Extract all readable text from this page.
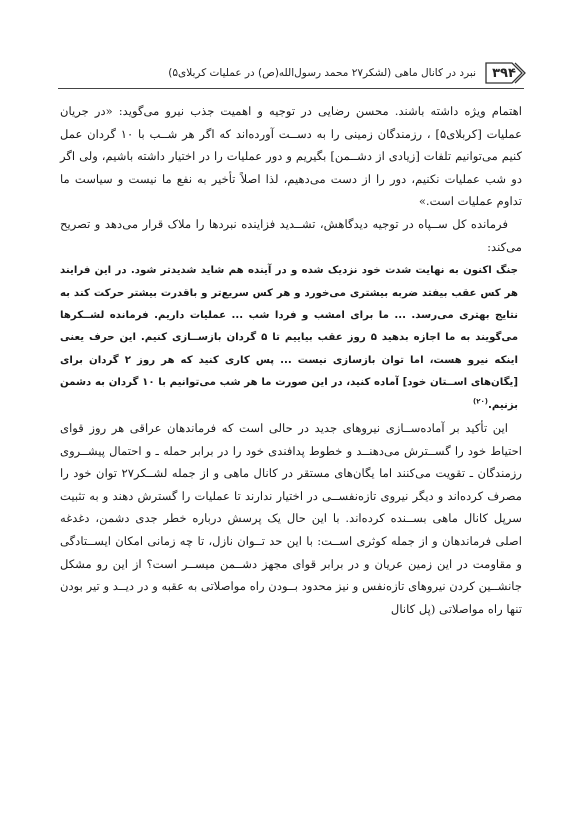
۳۹۴
نبرد در کانال ماهی (لشکر۲۷ محمد رسول‌الله(ص) در عملیات کربلای۵)

اهتمام ویژه داشته باشند. محسن رضایی در توجیه و اهمیت جذب نیرو می‌گوید: «در جریان عملیات [کربلای۵] ، رزمندگان زمینی را به دســت آورده‌اند که اگر هر شــب با ۱۰ گردان عمل کنیم می‌توانیم تلفات [زیادی از دشــمن] بگیریم و دور عملیات را در اختیار داشته باشیم، ولی اگر دو شب عملیات نکنیم، دور را از دست می‌دهیم، لذا اصلاً تأخیر به نفع ما نیست و سیاست ما تداوم عملیات است.»

فرمانده کل ســپاه در توجیه دیدگاهش، تشــدید فزاینده نبردها را ملاک قرار می‌دهد و تصریح می‌کند:

جنگ اکنون به نهایت شدت خود نزدیک شده و در آینده هم شاید شدیدتر شود. در این فرایند هر کس عقب بیفتد ضربه بیشتری می‌خورد و هر کس سریع‌تر و باقدرت بیشتر حرکت کند به نتایج بهتری می‌رسد. ... ما برای امشب و فردا شب ... عملیات داریم. فرمانده لشــکرها می‌گویند به ما اجازه بدهید ۵ روز عقب بیاییم تا ۵ گردان بازســازی کنیم. این حرف یعنی اینکه نیرو هست، اما توان بازسازی نیست ... پس کاری کنید که هر روز ۲ گردان برای [یگان‌های اســتان خود] آماده کنید، در این صورت ما هر شب می‌توانیم با ۱۰ گردان به دشمن بزنیم.$^{(۲۰)}$

این تأکید بر آماده‌ســازی نیروهای جدید در حالی است که فرماندهان عراقی هر روز قوای احتیاط خود را گســترش می‌دهنــد و خطوط پدافندی خود را در برابر حمله ـ و احتمال پیشــروی رزمندگان ـ تقویت می‌کنند اما یگان‌های مستقر در کانال ماهی و از جمله لشــکر۲۷ توان خود را مصرف کرده‌اند و دیگر نیروی تازه‌نفســی در اختیار ندارند تا عملیات را گسترش دهند و به تثبیت سرپل کانال ماهی بســنده کرده‌اند. با این حال یک پرسش درباره خطر جدی دشمن، دغدغه اصلی فرماندهان و از جمله کوثری اســت: با این حد تــوان نازل، تا چه زمانی امکان ایســتادگی و مقاومت در این زمین عریان و در برابر قوای مجهز دشــمن میســر است؟ از این رو مشکل جانشــین کردن نیروهای تازه‌نفس و نیز محدود بــودن راه مواصلاتی به عقبه و در دیــد و تیر بودن تنها راه مواصلاتی (پل کانال
